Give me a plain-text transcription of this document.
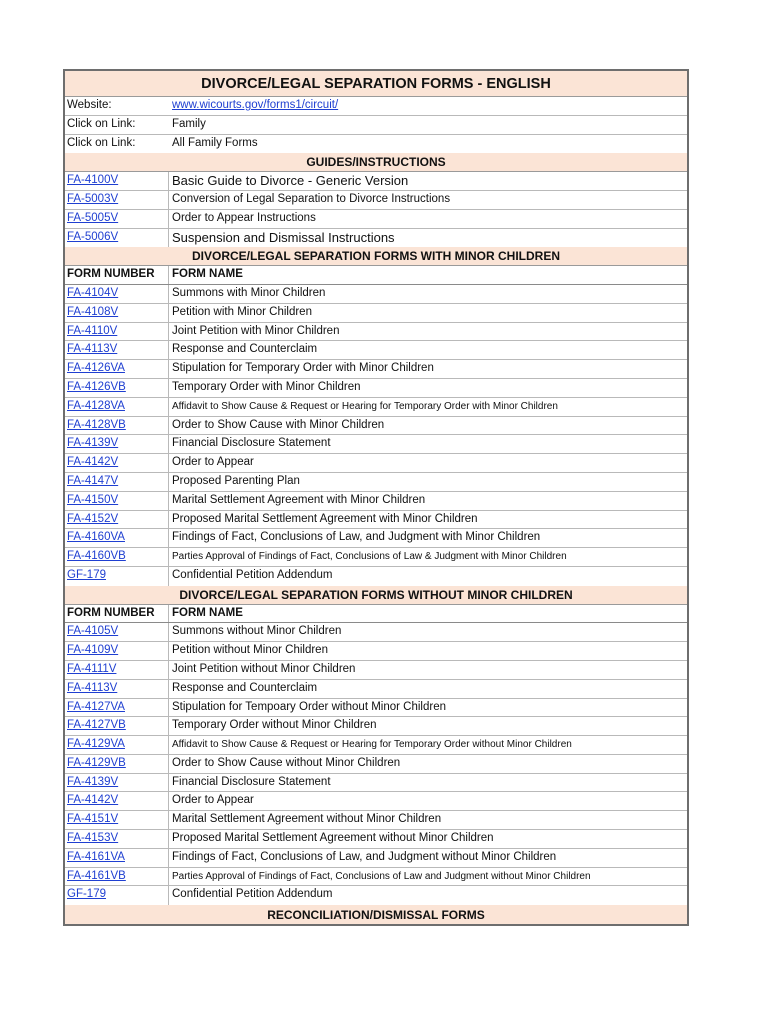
DIVORCE/LEGAL SEPARATION FORMS - ENGLISH
Website:	www.wicourts.gov/forms1/circuit/
Click on Link:	Family
Click on Link:	All Family Forms
GUIDES/INSTRUCTIONS
FA-4100V	Basic Guide to Divorce - Generic Version
FA-5003V	Conversion of Legal Separation to Divorce Instructions
FA-5005V	Order to Appear Instructions
FA-5006V	Suspension and Dismissal Instructions
DIVORCE/LEGAL SEPARATION FORMS WITH MINOR CHILDREN
FORM NUMBER	FORM NAME
FA-4104V	Summons with Minor Children
FA-4108V	Petition with Minor Children
FA-4110V	Joint Petition with Minor Children
FA-4113V	Response and Counterclaim
FA-4126VA	Stipulation for Temporary Order with Minor Children
FA-4126VB	Temporary Order with Minor Children
FA-4128VA	Affidavit to Show Cause & Request or Hearing for Temporary Order with Minor Children
FA-4128VB	Order to Show Cause with Minor Children
FA-4139V	Financial Disclosure Statement
FA-4142V	Order to Appear
FA-4147V	Proposed Parenting Plan
FA-4150V	Marital Settlement Agreement with Minor Children
FA-4152V	Proposed Marital Settlement Agreement with Minor Children
FA-4160VA	Findings of Fact, Conclusions of Law, and Judgment with Minor Children
FA-4160VB	Parties Approval of Findings of Fact, Conclusions of Law & Judgment with Minor Children
GF-179	Confidential Petition Addendum
DIVORCE/LEGAL SEPARATION FORMS WITHOUT MINOR CHILDREN
FORM NUMBER	FORM NAME
FA-4105V	Summons without Minor Children
FA-4109V	Petition without Minor Children
FA-4111V	Joint Petition without Minor Children
FA-4113V	Response and Counterclaim
FA-4127VA	Stipulation for Tempoary Order without Minor Children
FA-4127VB	Temporary Order without Minor Children
FA-4129VA	Affidavit to Show Cause & Request or Hearing for Temporary Order without Minor Children
FA-4129VB	Order to Show Cause without Minor Children
FA-4139V	Financial Disclosure Statement
FA-4142V	Order to Appear
FA-4151V	Marital Settlement Agreement without Minor Children
FA-4153V	Proposed Marital Settlement Agreement without Minor Children
FA-4161VA	Findings of Fact, Conclusions of Law, and Judgment without Minor Children
FA-4161VB	Parties Approval of Findings of Fact, Conclusions of Law and Judgment without Minor Children
GF-179	Confidential Petition Addendum
RECONCILIATION/DISMISSAL FORMS
